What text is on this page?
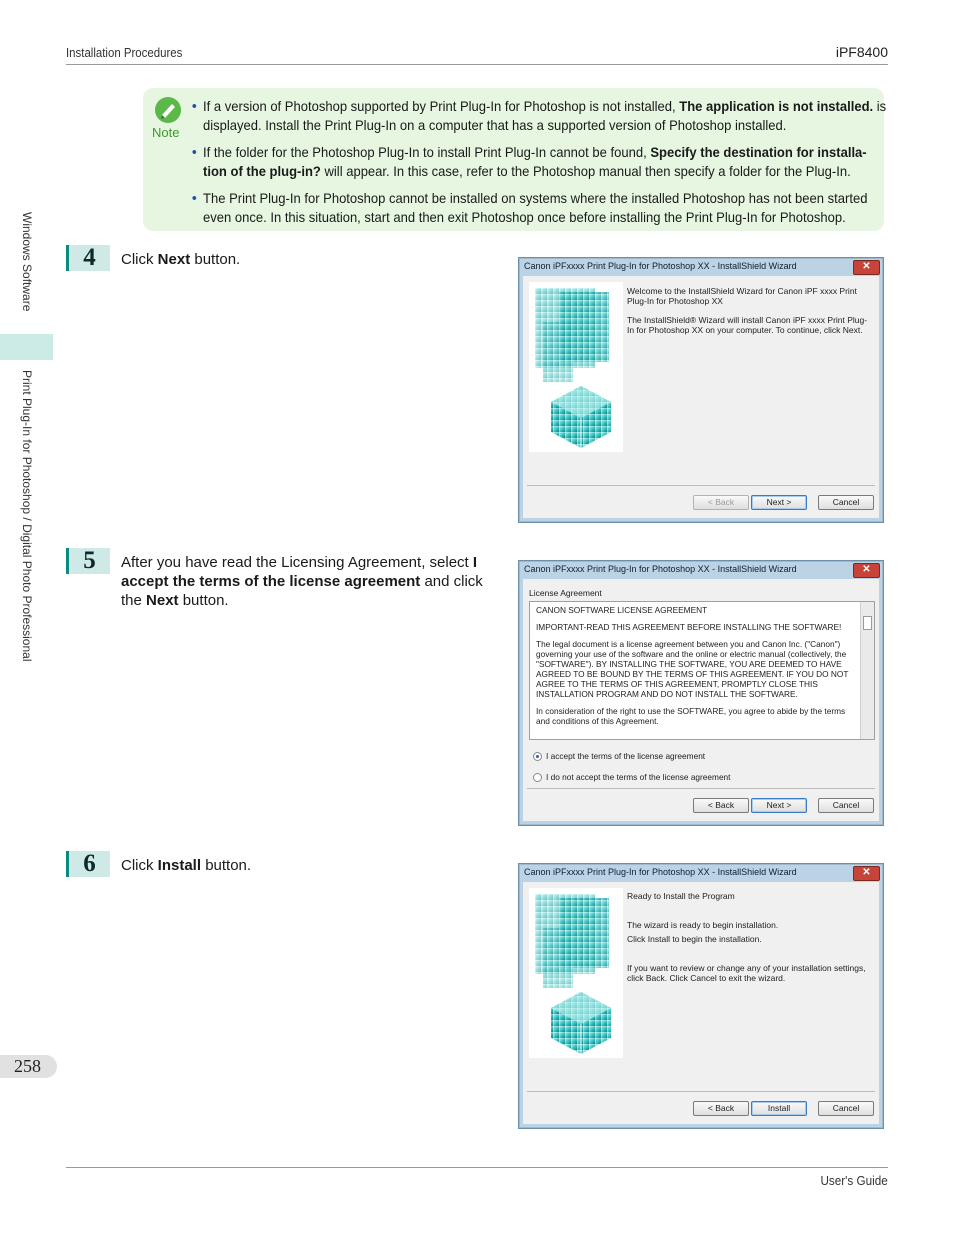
Installation Procedures	iPF8400
Windows Software
Print Plug-In for Photoshop / Digital Photo Professional
258
Note
• If a version of Photoshop supported by Print Plug-In for Photoshop is not installed, The application is not installed. is displayed. Install the Print Plug-In on a computer that has a supported version of Photoshop installed.
• If the folder for the Photoshop Plug-In to install Print Plug-In cannot be found, Specify the destination for installa-tion of the plug-in? will appear. In this case, refer to the Photoshop manual then specify a folder for the Plug-In.
• The Print Plug-In for Photoshop cannot be installed on systems where the installed Photoshop has not been started even once. In this situation, start and then exit Photoshop once before installing the Print Plug-In for Photoshop.
4	Click Next button.
5	After you have read the Licensing Agreement, select I accept the terms of the license agreement and click the Next button.
6	Click Install button.
Canon iPFxxxx Print Plug-In for Photoshop XX - InstallShield Wizard	✕
Welcome to the InstallShield Wizard for Canon iPF xxxx Print Plug-In for Photoshop XX
The InstallShield® Wizard will install Canon iPF xxxx Print Plug-In for Photoshop XX on your computer. To continue, click Next.
< Back	Next >	Cancel
Canon iPFxxxx Print Plug-In for Photoshop XX - InstallShield Wizard	✕
License Agreement

CANON SOFTWARE LICENSE AGREEMENT

IMPORTANT-READ THIS AGREEMENT BEFORE INSTALLING THE SOFTWARE!

The legal document is a license agreement between you and Canon Inc. ("Canon") governing your use of the software and the online or electric manual (collectively, the "SOFTWARE"). BY INSTALLING THE SOFTWARE, YOU ARE DEEMED TO HAVE AGREED TO BE BOUND BY THE TERMS OF THIS AGREEMENT. IF YOU DO NOT AGREE TO THE TERMS OF THIS AGREEMENT, PROMPTLY CLOSE THIS INSTALLATION PROGRAM AND DO NOT INSTALL THE SOFTWARE.

In consideration of the right to use the SOFTWARE, you agree to abide by the terms and conditions of this Agreement.

I accept the terms of the license agreement
I do not accept the terms of the license agreement
< Back	Next >	Cancel
Canon iPFxxxx Print Plug-In for Photoshop XX - InstallShield Wizard	✕
Ready to Install the Program
The wizard is ready to begin installation.
Click Install to begin the installation.
If you want to review or change any of your installation settings, click Back. Click Cancel to exit the wizard.
< Back	Install	Cancel
User's Guide
